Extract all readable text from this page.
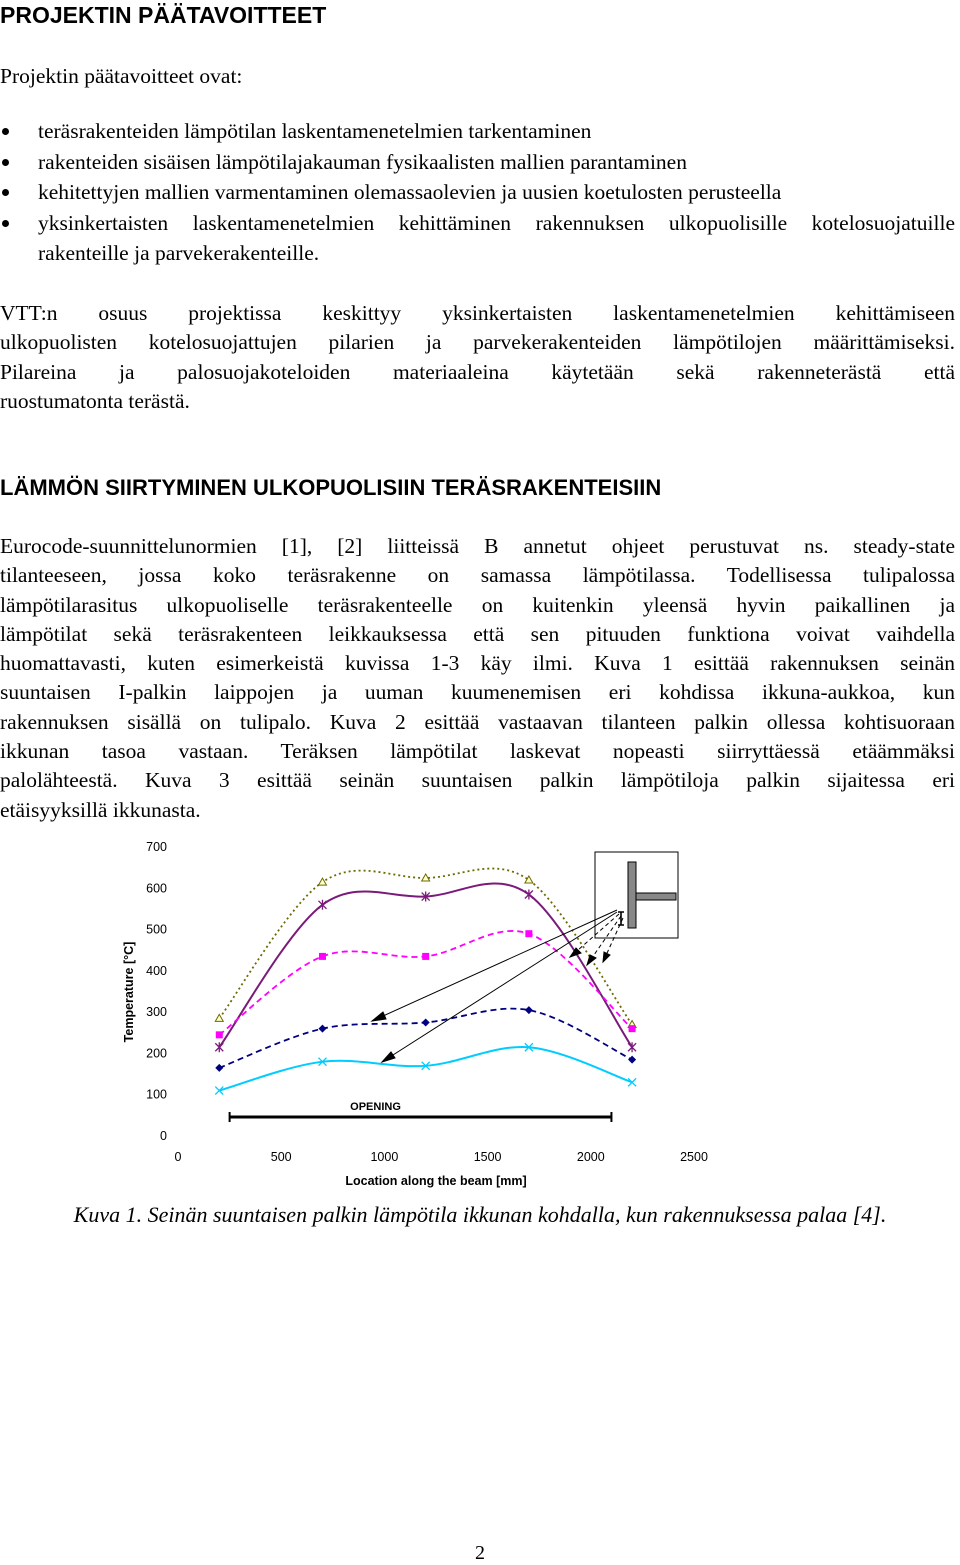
PROJEKTIN PÄÄTAVOITTEET

Projektin päätavoitteet ovat:

teräsrakenteiden lämpötilan laskentamenetelmien tarkentaminen
rakenteiden sisäisen lämpötilajakauman fysikaalisten mallien parantaminen
kehitettyjen mallien varmentaminen olemassaolevien ja uusien koetulosten perusteella
yksinkertaisten laskentamenetelmien kehittäminen rakennuksen ulkopuolisille kotelosuojatuille rakenteille ja parvekerakenteille.
VTT:n osuus projektissa keskittyy yksinkertaisten laskentamenetelmien kehittämiseen
ulkopuolisten kotelosuojattujen pilarien ja parvekerakenteiden lämpötilojen määrittämiseksi.
Pilareina ja palosuojakoteloiden materiaaleina käytetään sekä rakenneterästä että
ruostumatonta terästä.
LÄMMÖN SIIRTYMINEN ULKOPUOLISIIN TERÄSRAKENTEISIIN
Eurocode-suunnittelunormien [1], [2] liitteissä B annetut ohjeet perustuvat ns. steady-state
tilanteeseen, jossa koko teräsrakenne on samassa lämpötilassa. Todellisessa tulipalossa
lämpötilarasitus ulkopuoliselle teräsrakenteelle on kuitenkin yleensä hyvin paikallinen ja
lämpötilat sekä teräsrakenteen leikkauksessa että sen pituuden funktiona voivat vaihdella
huomattavasti, kuten esimerkeistä kuvissa 1-3 käy ilmi. Kuva 1 esittää rakennuksen seinän
suuntaisen I-palkin laippojen ja uuman kuumenemisen eri kohdissa ikkuna-aukkoa, kun
rakennuksen sisällä on tulipalo. Kuva 2 esittää vastaavan tilanteen palkin ollessa kohtisuoraan
ikkunan tasoa vastaan. Teräksen lämpötilat laskevat nopeasti siirryttäessä etäämmäksi
palolähteestä. Kuva 3 esittää seinän suuntaisen palkin lämpötiloja palkin sijaitessa eri
etäisyyksillä ikkunasta.
0
100
200
300
400
500
600
700
0	500	1000	1500	2000	2500
Temperature [°C]
Location along the beam [mm]
OPENING

Kuva 1. Seinän suuntaisen palkin lämpötila ikkunan kohdalla, kun rakennuksessa palaa [4].

2
